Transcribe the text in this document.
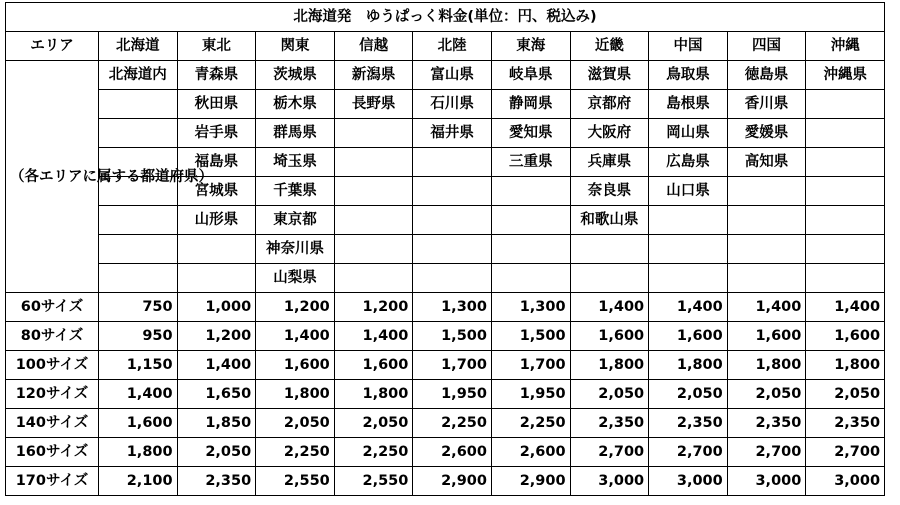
北海道発　ゆうぱっく料金(単位：円、税込み)										
エリア	北海道	東北	関東	信越	北陸	東海	近畿	中国	四国	沖縄
（各エリアに属する都道府県）	北海道内	青森県	茨城県	新潟県	富山県	岐阜県	滋賀県	鳥取県	徳島県	沖縄県
		秋田県	栃木県	長野県	石川県	静岡県	京都府	島根県	香川県	
		岩手県	群馬県		福井県	愛知県	大阪府	岡山県	愛媛県	
		福島県	埼玉県			三重県	兵庫県	広島県	高知県	
		宮城県	千葉県				奈良県	山口県		
		山形県	東京都				和歌山県			
			神奈川県							
			山梨県							
60サイズ	750	1,000	1,200	1,200	1,300	1,300	1,400	1,400	1,400	1,400
80サイズ	950	1,200	1,400	1,400	1,500	1,500	1,600	1,600	1,600	1,600
100サイズ	1,150	1,400	1,600	1,600	1,700	1,700	1,800	1,800	1,800	1,800
120サイズ	1,400	1,650	1,800	1,800	1,950	1,950	2,050	2,050	2,050	2,050
140サイズ	1,600	1,850	2,050	2,050	2,250	2,250	2,350	2,350	2,350	2,350
160サイズ	1,800	2,050	2,250	2,250	2,600	2,600	2,700	2,700	2,700	2,700
170サイズ	2,100	2,350	2,550	2,550	2,900	2,900	3,000	3,000	3,000	3,000
